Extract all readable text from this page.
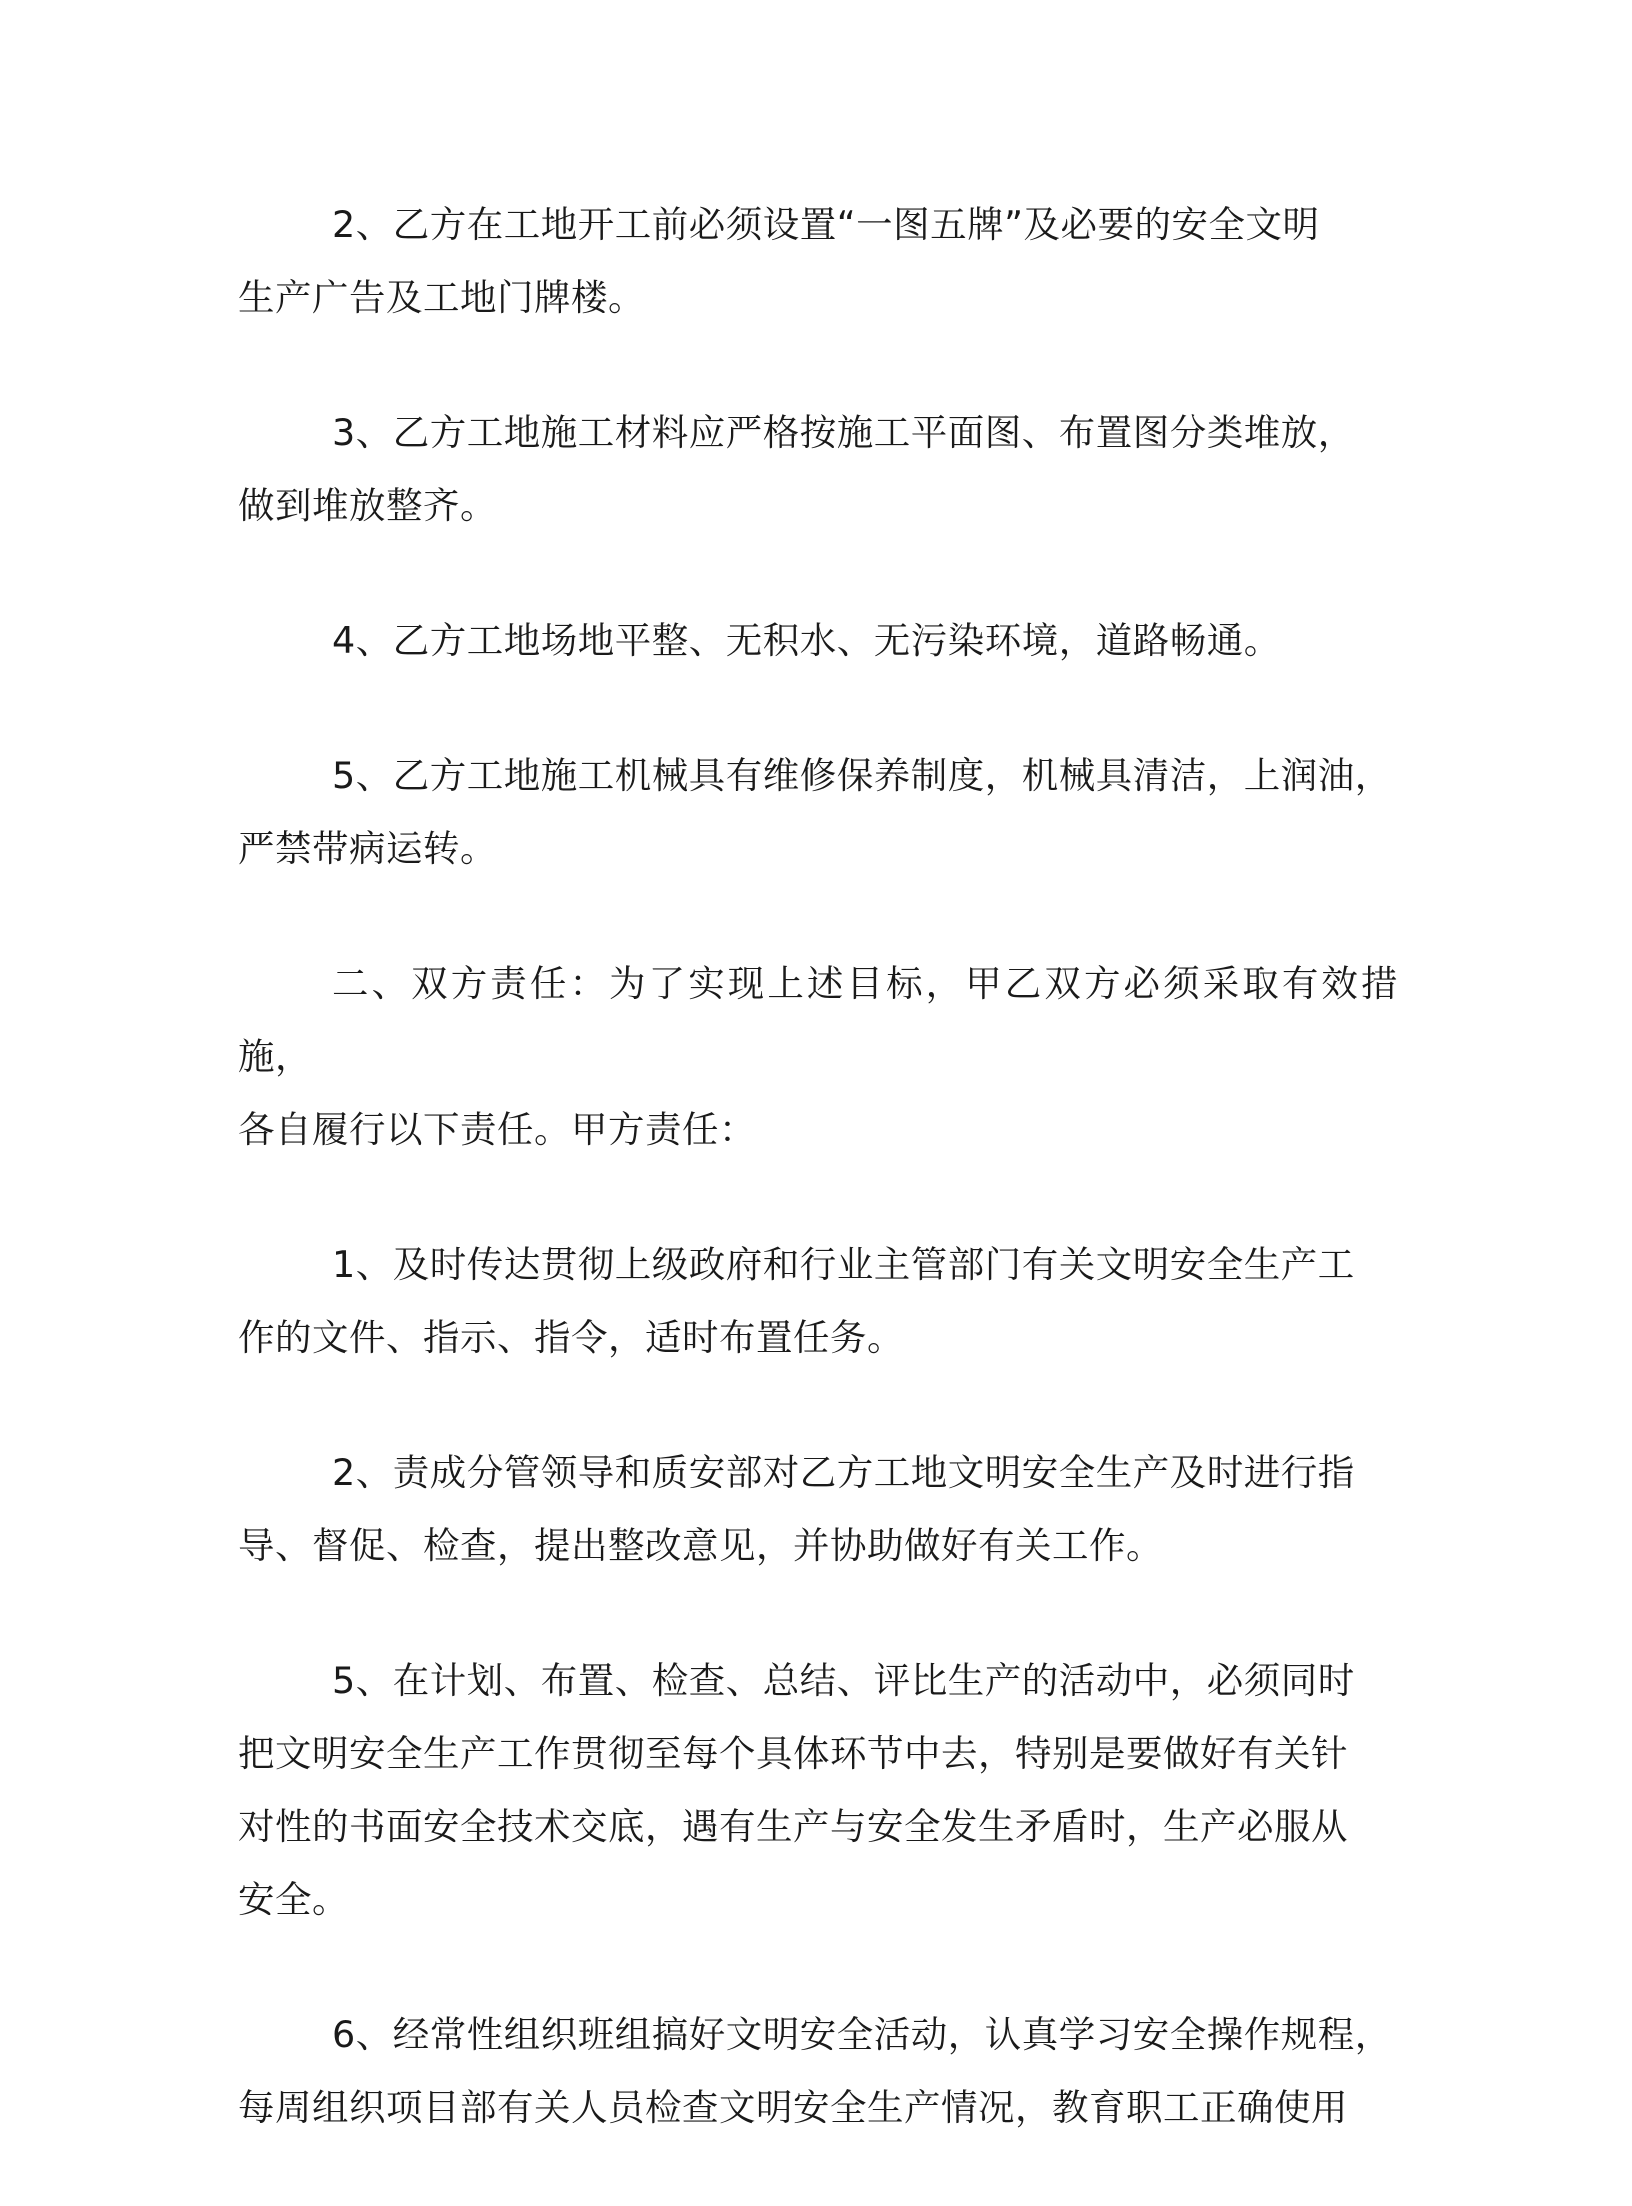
2、乙方在工地开工前必须设置“一图五牌”及必要的安全文明
生产广告及工地门牌楼。

3、乙方工地施工材料应严格按施工平面图、布置图分类堆放，
做到堆放整齐。

4、乙方工地场地平整、无积水、无污染环境，道路畅通。

5、乙方工地施工机械具有维修保养制度，机械具清洁，上润油，
严禁带病运转。

二、双方责任：为了实现上述目标，甲乙双方必须采取有效措施，
各自履行以下责任。甲方责任：

1、及时传达贯彻上级政府和行业主管部门有关文明安全生产工
作的文件、指示、指令，适时布置任务。

2、责成分管领导和质安部对乙方工地文明安全生产及时进行指
导、督促、检查，提出整改意见，并协助做好有关工作。

5、在计划、布置、检查、总结、评比生产的活动中，必须同时
把文明安全生产工作贯彻至每个具体环节中去，特别是要做好有关针
对性的书面安全技术交底，遇有生产与安全发生矛盾时，生产必服从
安全。

6、经常性组织班组搞好文明安全活动，认真学习安全操作规程，
每周组织项目部有关人员检查文明安全生产情况，教育职工正确使用
